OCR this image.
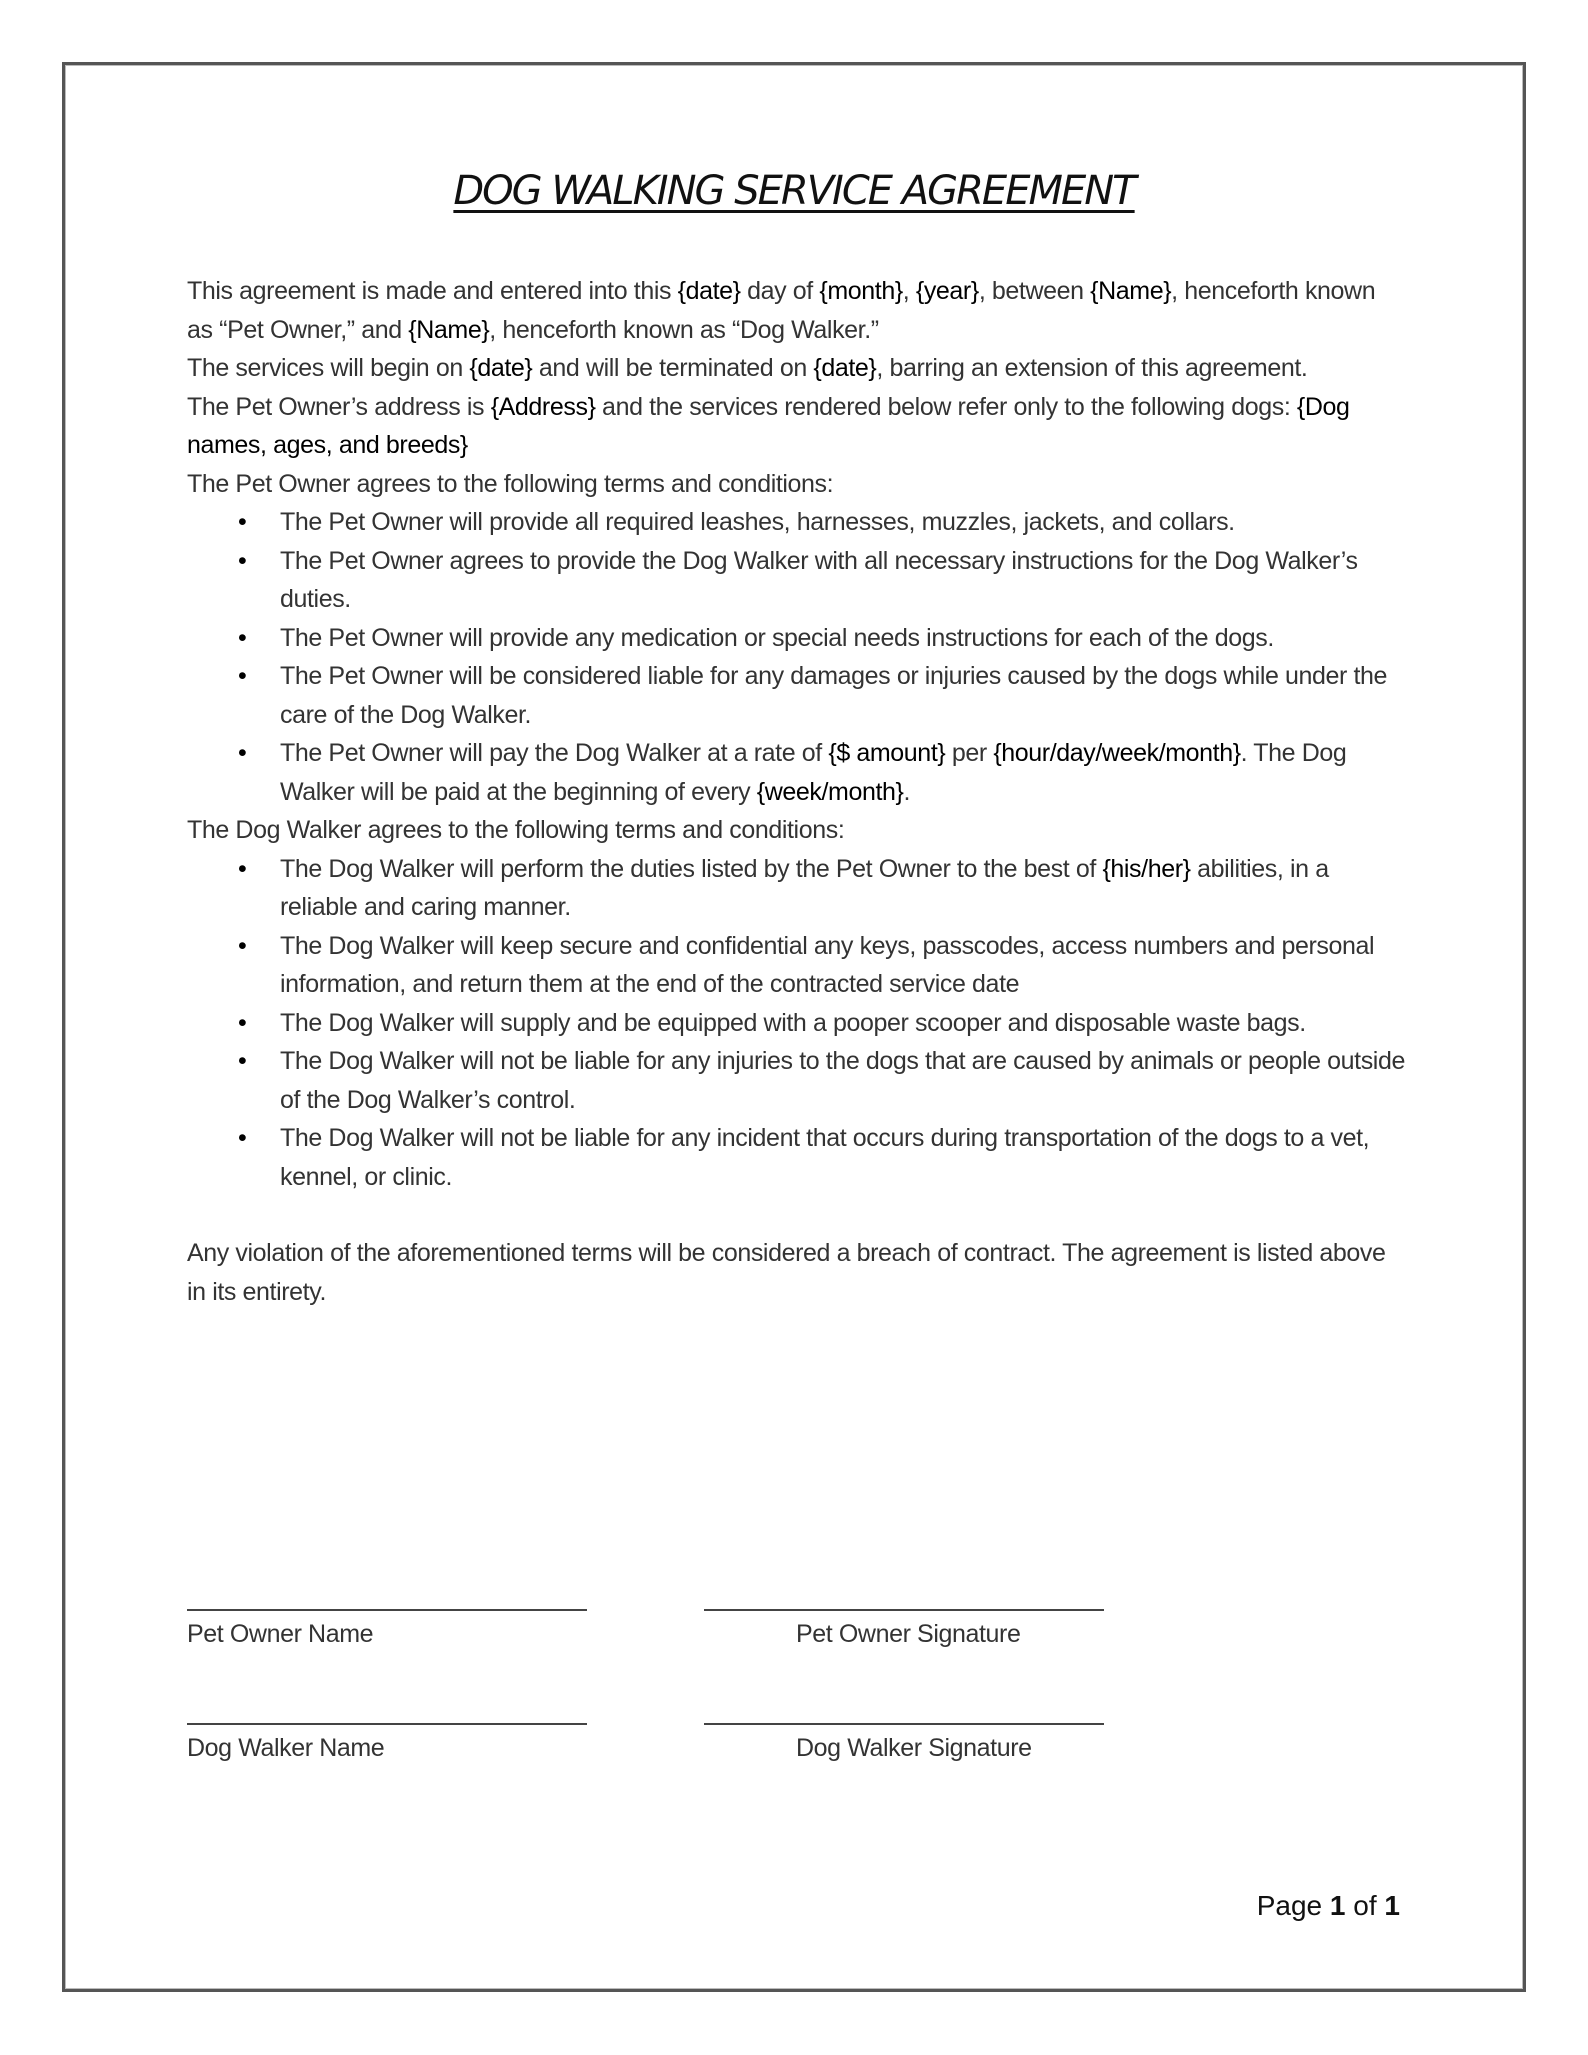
DOG WALKING SERVICE AGREEMENT

This agreement is made and entered into this {date} day of {month}, {year}, between {Name}, henceforth known as “Pet Owner,” and {Name}, henceforth known as “Dog Walker.”

The services will begin on {date} and will be terminated on {date}, barring an extension of this agreement.

The Pet Owner’s address is {Address} and the services rendered below refer only to the following dogs: {Dog names, ages, and breeds}

The Pet Owner agrees to the following terms and conditions:

• The Pet Owner will provide all required leashes, harnesses, muzzles, jackets, and collars.
• The Pet Owner agrees to provide the Dog Walker with all necessary instructions for the Dog Walker’s duties.
• The Pet Owner will provide any medication or special needs instructions for each of the dogs.
• The Pet Owner will be considered liable for any damages or injuries caused by the dogs while under the care of the Dog Walker.
• The Pet Owner will pay the Dog Walker at a rate of {$ amount} per {hour/day/week/month}. The Dog Walker will be paid at the beginning of every {week/month}.

The Dog Walker agrees to the following terms and conditions:

• The Dog Walker will perform the duties listed by the Pet Owner to the best of {his/her} abilities, in a reliable and caring manner.
• The Dog Walker will keep secure and confidential any keys, passcodes, access numbers and personal information, and return them at the end of the contracted service date
• The Dog Walker will supply and be equipped with a pooper scooper and disposable waste bags.
• The Dog Walker will not be liable for any injuries to the dogs that are caused by animals or people outside of the Dog Walker’s control.
• The Dog Walker will not be liable for any incident that occurs during transportation of the dogs to a vet, kennel, or clinic.

Any violation of the aforementioned terms will be considered a breach of contract. The agreement is listed above in its entirety.

Pet Owner Name	Pet Owner Signature
Dog Walker Name	Dog Walker Signature
Page 1 of 1
